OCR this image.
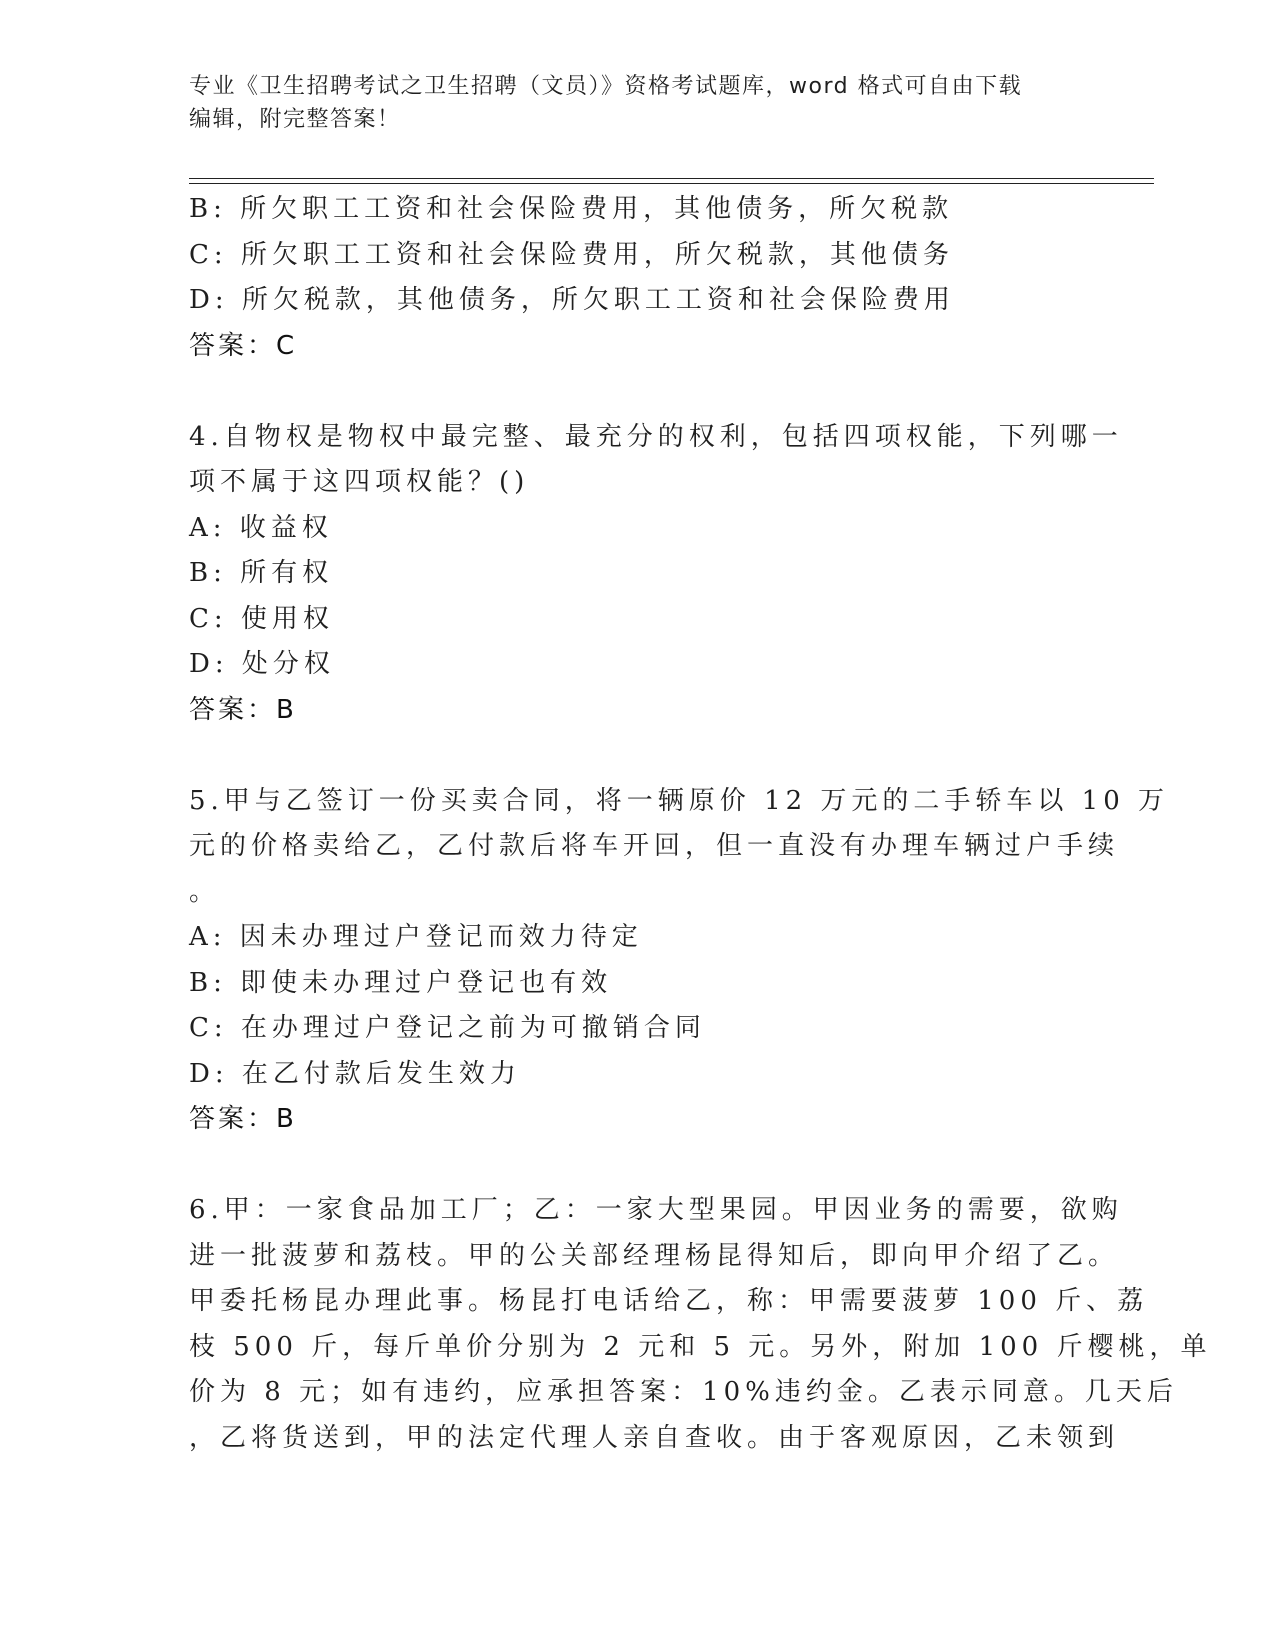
专业《卫生招聘考试之卫生招聘（文员）》资格考试题库，word 格式可自由下载
编辑，附完整答案！
B: 所欠职工工资和社会保险费用，其他债务，所欠税款
C: 所欠职工工资和社会保险费用，所欠税款，其他债务
D: 所欠税款，其他债务，所欠职工工资和社会保险费用
答案：C
4.自物权是物权中最完整、最充分的权利，包括四项权能，下列哪一
项不属于这四项权能？()
A: 收益权
B: 所有权
C: 使用权
D: 处分权
答案：B
5.甲与乙签订一份买卖合同，将一辆原价 12 万元的二手轿车以 10 万
元的价格卖给乙，乙付款后将车开回，但一直没有办理车辆过户手续
。
A: 因未办理过户登记而效力待定
B: 即使未办理过户登记也有效
C: 在办理过户登记之前为可撤销合同
D: 在乙付款后发生效力
答案：B
6.甲：一家食品加工厂；乙：一家大型果园。甲因业务的需要，欲购
进一批菠萝和荔枝。甲的公关部经理杨昆得知后，即向甲介绍了乙。
甲委托杨昆办理此事。杨昆打电话给乙，称：甲需要菠萝 100 斤、荔
枝 500 斤，每斤单价分别为 2 元和 5 元。另外，附加 100 斤樱桃，单
价为 8 元；如有违约，应承担答案：10%违约金。乙表示同意。几天后
，乙将货送到，甲的法定代理人亲自查收。由于客观原因，乙未领到
